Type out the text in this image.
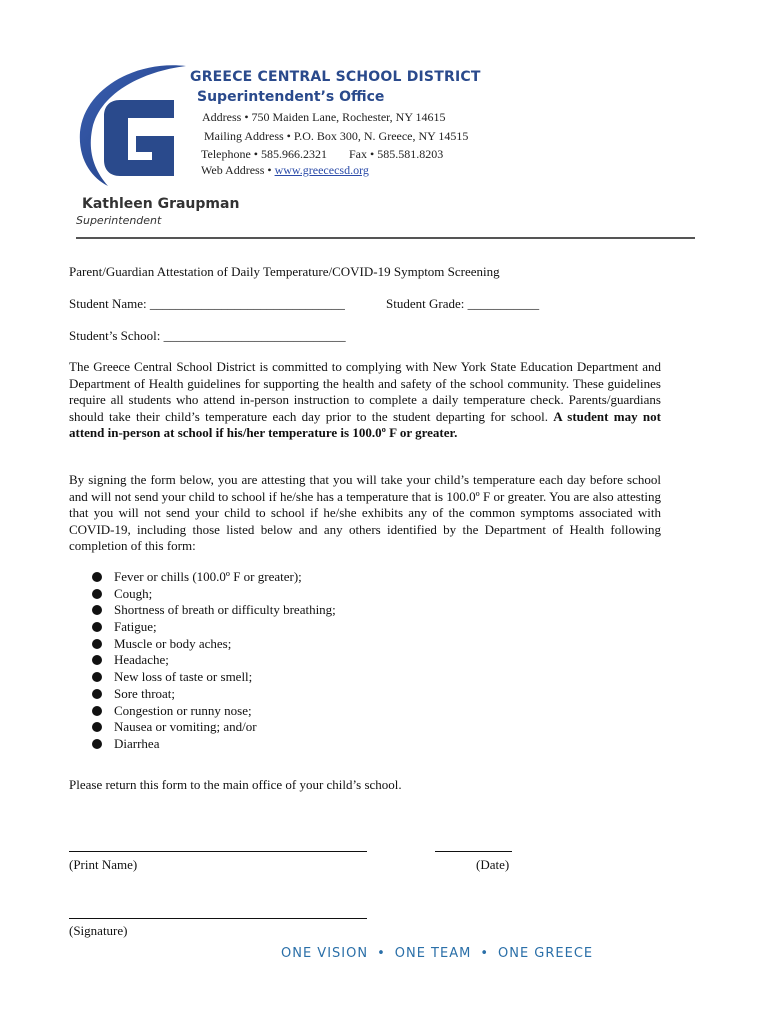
GREECE CENTRAL SCHOOL DISTRICT
Superintendent’s Office
Address • 750 Maiden Lane, Rochester, NY 14615
Mailing Address • P.O. Box 300, N. Greece, NY 14515
Telephone • 585.966.2321 Fax • 585.581.8203
Web Address • www.greececsd.org
Kathleen Graupman
Superintendent
Parent/Guardian Attestation of Daily Temperature/COVID-19 Symptom Screening
Student Name: ______________________________	Student Grade: ___________
Student’s School: ____________________________
The Greece Central School District is committed to complying with New York State Education Department and Department of Health guidelines for supporting the health and safety of the school community. These guidelines require all students who attend in-person instruction to complete a daily temperature check. Parents/guardians should take their child’s temperature each day prior to the student departing for school. A student may not attend in-person at school if his/her temperature is 100.0º F or greater.
By signing the form below, you are attesting that you will take your child’s temperature each day before school and will not send your child to school if he/she has a temperature that is 100.0º F or greater. You are also attesting that you will not send your child to school if he/she exhibits any of the common symptoms associated with COVID-19, including those listed below and any others identified by the Department of Health following completion of this form:
Fever or chills (100.0º F or greater);
Cough;
Shortness of breath or difficulty breathing;
Fatigue;
Muscle or body aches;
Headache;
New loss of taste or smell;
Sore throat;
Congestion or runny nose;
Nausea or vomiting; and/or
Diarrhea
Please return this form to the main office of your child’s school.
(Print Name)	(Date)
(Signature)
ONE VISION • ONE TEAM • ONE GREECE
